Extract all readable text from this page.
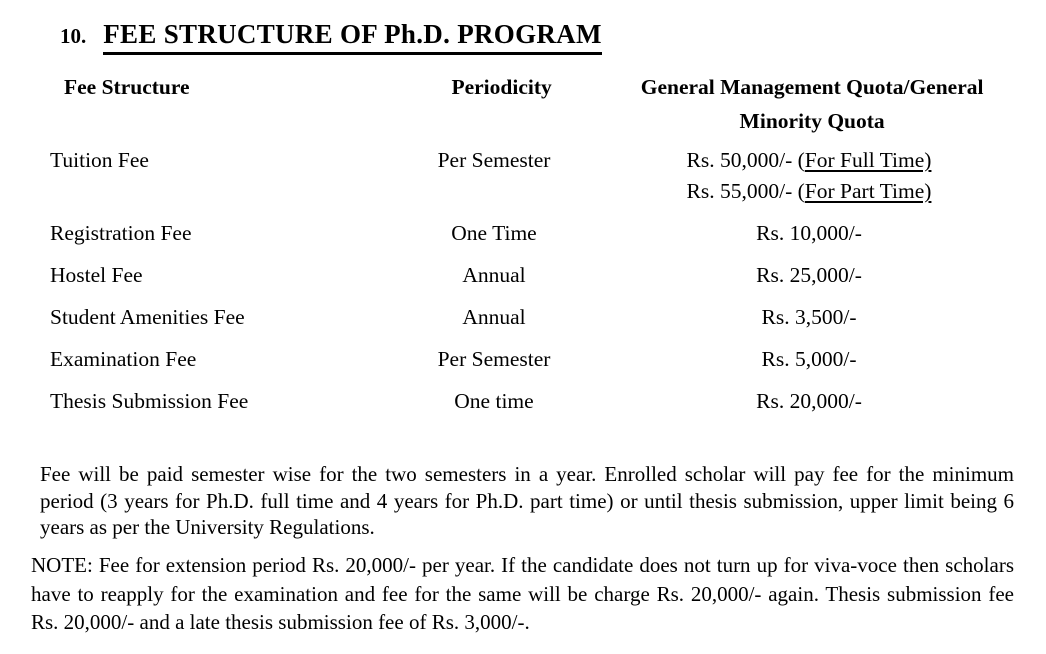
10. FEE STRUCTURE OF Ph.D. PROGRAM
Fee Structure	Periodicity	General Management Quota/General
Minority Quota
Tuition Fee	Per Semester	Rs. 50,000/- (For Full Time)
Rs. 55,000/- (For Part Time)
Registration Fee	One Time	Rs. 10,000/-
Hostel Fee	Annual	Rs. 25,000/-
Student Amenities Fee	Annual	Rs. 3,500/-
Examination Fee	Per Semester	Rs. 5,000/-
Thesis Submission Fee	One time	Rs. 20,000/-

Fee will be paid semester wise for the two semesters in a year. Enrolled scholar will pay fee for the minimum period (3 years for Ph.D. full time and 4 years for Ph.D. part time) or until thesis submission, upper limit being 6 years as per the University Regulations.

NOTE: Fee for extension period Rs. 20,000/- per year. If the candidate does not turn up for viva-voce then scholars have to reapply for the examination and fee for the same will be charge Rs. 20,000/- again. Thesis submission fee Rs. 20,000/- and a late thesis submission fee of Rs. 3,000/-.
